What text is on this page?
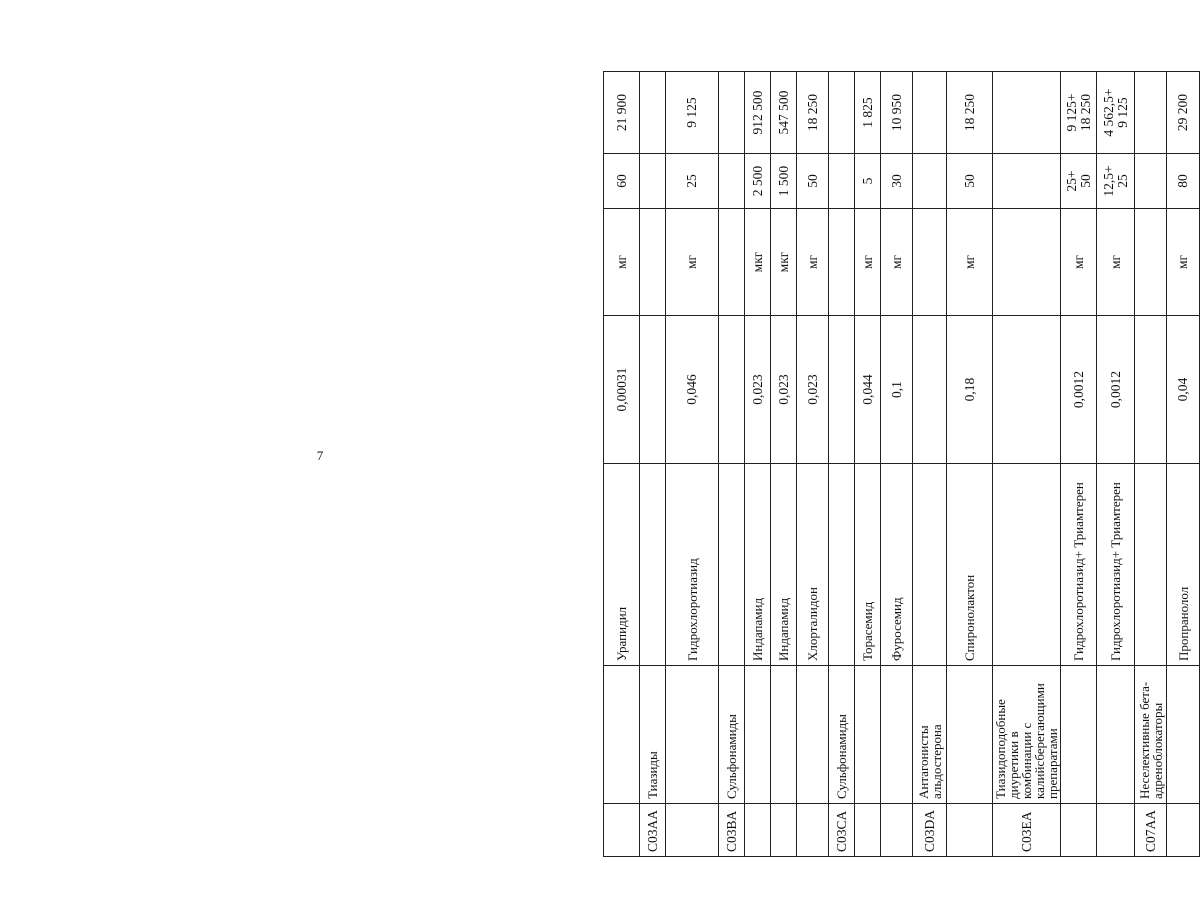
7
		Урапидил	0,00031	мг	60	21 900

C03AA	Тиазиды				

		Гидрохлоротиазид	0,046	мг	25	9 125

C03BA	Сульфонамиды				

		Индапамид	0,023	мкг	2 500	912 500

		Индапамид	0,023	мкг	1 500	547 500

		Хлорталидон	0,023	мг	50	18 250

C03CA	Сульфонамиды				

		Торасемид	0,044	мг	5	1 825

		Фуросемид	0,1	мг	30	10 950

C03DA	Антагонисты альдостерона				

		Спиронолактон	0,18	мг	50	18 250

C03EA	Тиазидоподобные диуретики в комбинации с калийсберегающими препаратами				

		Гидрохлоротиазид+ Триамтерен	0,0012	мг	25+ 50	9 125+ 18 250

		Гидрохлоротиазид+ Триамтерен	0,0012	мг	12,5+ 25	4 562,5+ 9 125

C07AA	Неселективные бета-адреноблокаторы				

		Пропранолол	0,04	мг	80	29 200
